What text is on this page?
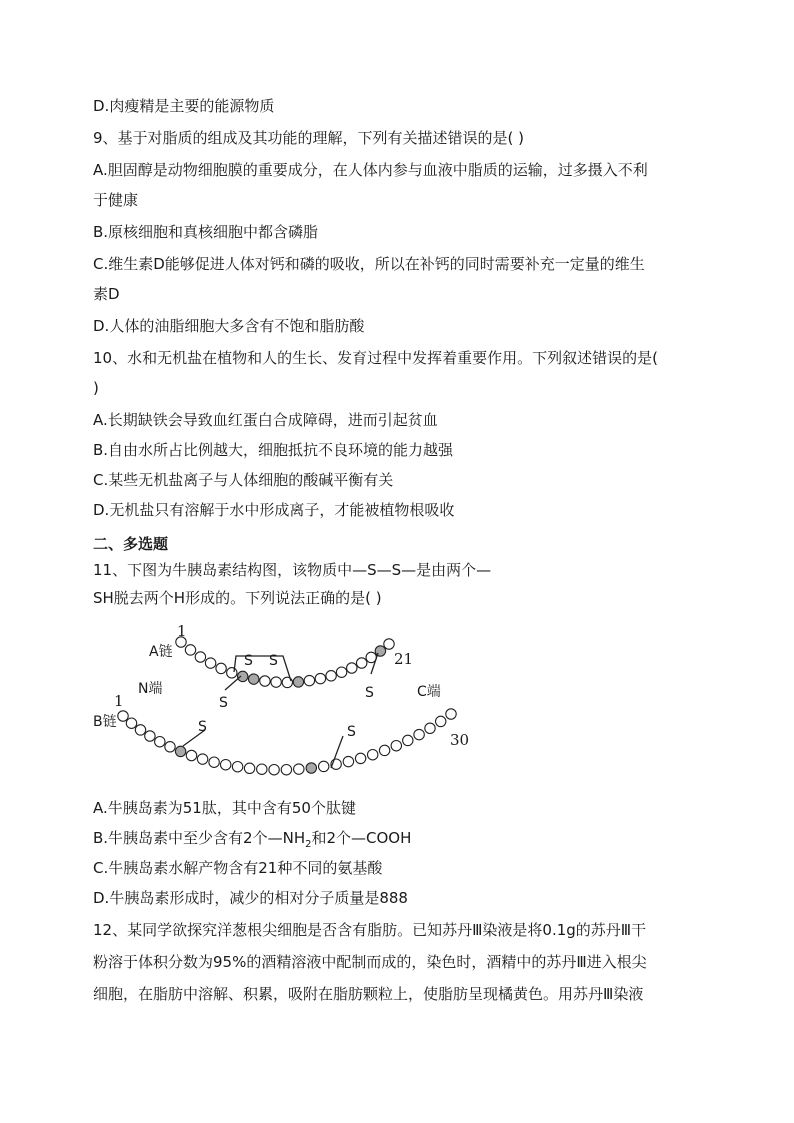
D.肉瘦精是主要的能源物质
9、基于对脂质的组成及其功能的理解，下列有关描述错误的是( )
A.胆固醇是动物细胞膜的重要成分，在人体内参与血液中脂质的运输，过多摄入不利
于健康
B.原核细胞和真核细胞中都含磷脂
C.维生素D能够促进人体对钙和磷的吸收，所以在补钙的同时需要补充一定量的维生
素D
D.人体的油脂细胞大多含有不饱和脂肪酸
10、水和无机盐在植物和人的生长、发育过程中发挥着重要作用。下列叙述错误的是(
)
A.长期缺铁会导致血红蛋白合成障碍，进而引起贫血
B.自由水所占比例越大，细胞抵抗不良环境的能力越强
C.某些无机盐离子与人体细胞的酸碱平衡有关
D.无机盐只有溶解于水中形成离子，才能被植物根吸收
二、多选题
11、下图为牛胰岛素结构图，该物质中—S—S—是由两个—
SH脱去两个H形成的。下列说法正确的是( )
1
A链	21
N端
1
B链
C端
30
S S
S
S
S
S
A.牛胰岛素为51肽，其中含有50个肽键
B.牛胰岛素中至少含有2个$—NH_2$和2个—COOH
C.牛胰岛素水解产物含有21种不同的氨基酸
D.牛胰岛素形成时，减少的相对分子质量是888
12、某同学欲探究洋葱根尖细胞是否含有脂肪。已知苏丹Ⅲ染液是将0.1g的苏丹Ⅲ干
粉溶于体积分数为95%的酒精溶液中配制而成的，染色时，酒精中的苏丹Ⅲ进入根尖
细胞，在脂肪中溶解、积累，吸附在脂肪颗粒上，使脂肪呈现橘黄色。用苏丹Ⅲ染液
